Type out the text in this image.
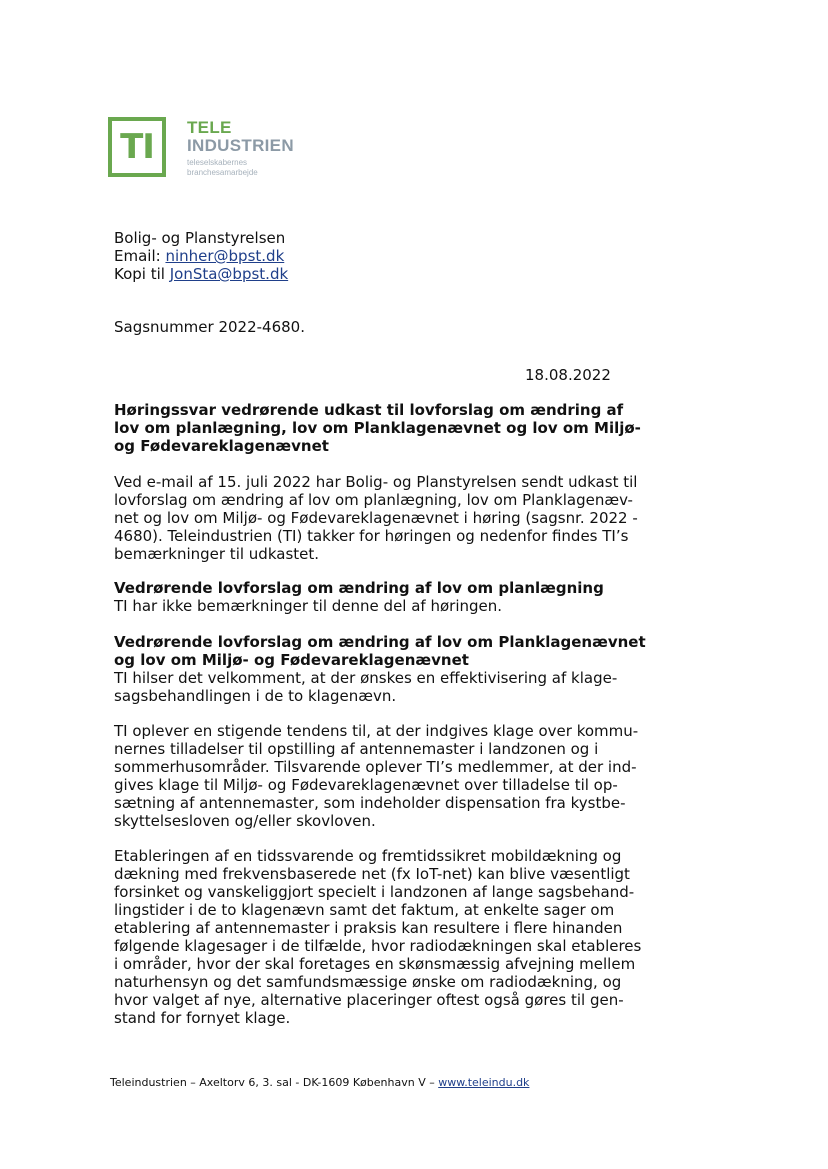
TI TELE
INDUSTRIEN
teleselskabernes
branchesamarbejde
Bolig- og Planstyrelsen
Email: ninher@bpst.dk
Kopi til JonSta@bpst.dk
Sagsnummer 2022-4680.
18.08.2022
Høringssvar vedrørende udkast til lovforslag om ændring af
lov om planlægning, lov om Planklagenævnet og lov om Miljø-
og Fødevareklagenævnet
Ved e-mail af 15. juli 2022 har Bolig- og Planstyrelsen sendt udkast til
lovforslag om ændring af lov om planlægning, lov om Planklagenæv-
net og lov om Miljø- og Fødevareklagenævnet i høring (sagsnr. 2022 -
4680). Teleindustrien (TI) takker for høringen og nedenfor findes TI’s
bemærkninger til udkastet.
Vedrørende lovforslag om ændring af lov om planlægning
TI har ikke bemærkninger til denne del af høringen.
Vedrørende lovforslag om ændring af lov om Planklagenævnet
og lov om Miljø- og Fødevareklagenævnet
TI hilser det velkomment, at der ønskes en effektivisering af klage-
sagsbehandlingen i de to klagenævn.
TI oplever en stigende tendens til, at der indgives klage over kommu-
nernes tilladelser til opstilling af antennemaster i landzonen og i
sommerhusområder. Tilsvarende oplever TI’s medlemmer, at der ind-
gives klage til Miljø- og Fødevareklagenævnet over tilladelse til op-
sætning af antennemaster, som indeholder dispensation fra kystbe-
skyttelsesloven og/eller skovloven.
Etableringen af en tidssvarende og fremtidssikret mobildækning og
dækning med frekvensbaserede net (fx IoT-net) kan blive væsentligt
forsinket og vanskeliggjort specielt i landzonen af lange sagsbehand-
lingstider i de to klagenævn samt det faktum, at enkelte sager om
etablering af antennemaster i praksis kan resultere i flere hinanden
følgende klagesager i de tilfælde, hvor radiodækningen skal etableres
i områder, hvor der skal foretages en skønsmæssig afvejning mellem
naturhensyn og det samfundsmæssige ønske om radiodækning, og
hvor valget af nye, alternative placeringer oftest også gøres til gen-
stand for fornyet klage.
Teleindustrien – Axeltorv 6, 3. sal - DK-1609 København V – www.teleindu.dk
